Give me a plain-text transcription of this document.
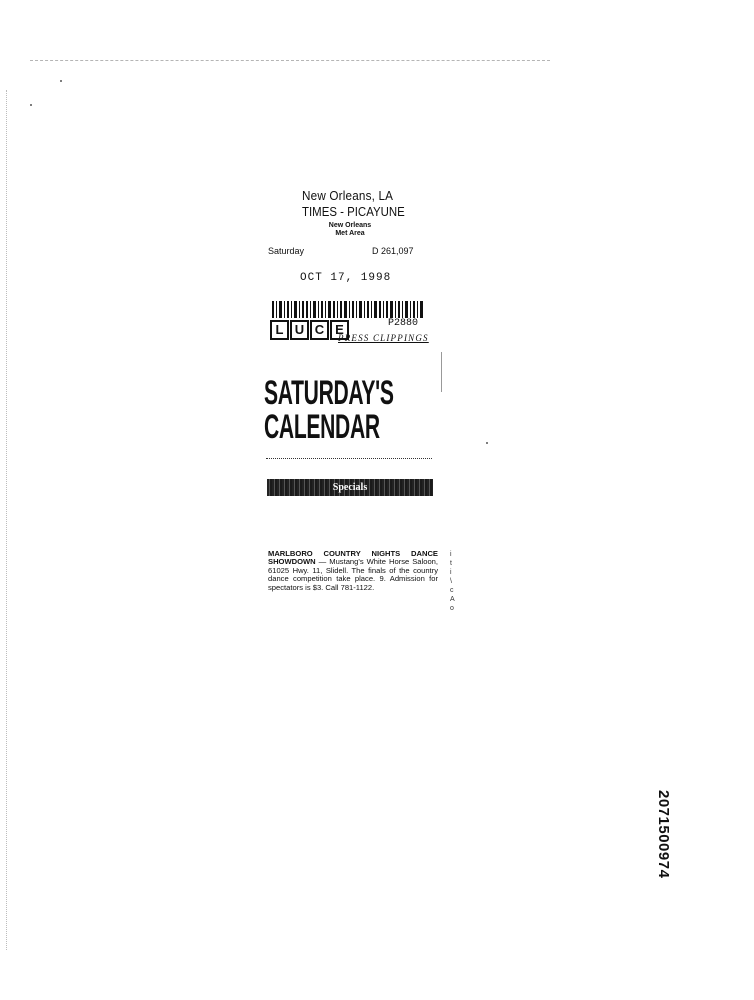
New Orleans, LA
TIMES - PICAYUNE
New Orleans
Met Area
Saturday	D 261,097
OCT 17, 1998
L U C E	P2880
PRESS CLIPPINGS
SATURDAY'S
CALENDAR
Specials
MARLBORO COUNTRY NIGHTS DANCE SHOWDOWN — Mustang's White Horse Saloon, 61025 Hwy. 11, Slidell. The finals of the country dance competition take place. 9. Admission for spectators is $3. Call 781-1122.
i
t
i
\
c
A
o
2071500974
